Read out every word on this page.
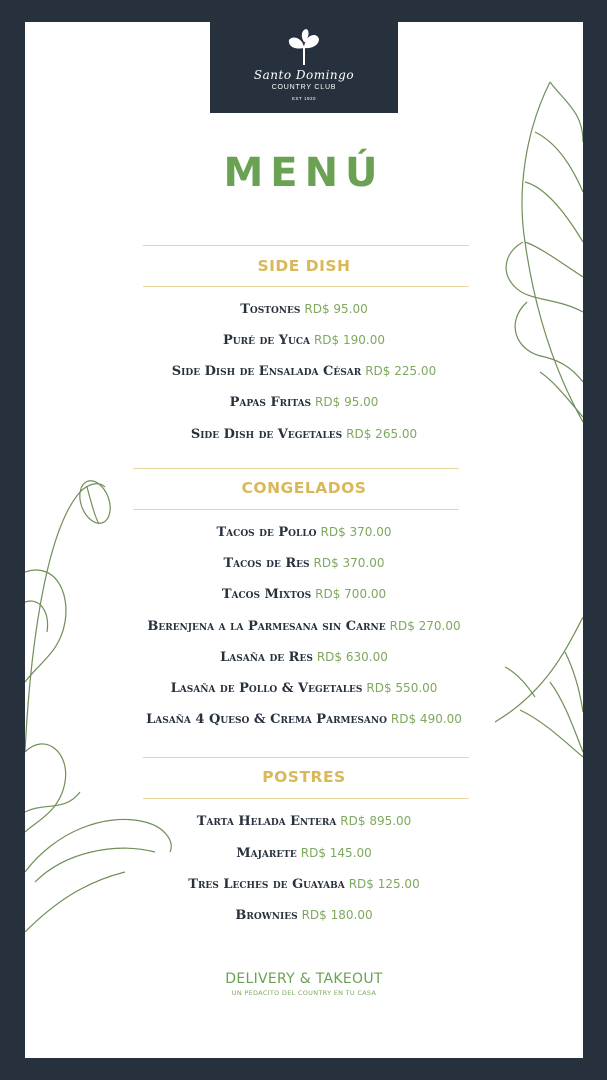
Santo Domingo
COUNTRY CLUB
EST 1920
MENÚ
SIDE DISH
Tostones RD$ 95.00
Puré de Yuca RD$ 190.00
Side Dish de Ensalada César RD$ 225.00
Papas Fritas RD$ 95.00
Side Dish de Vegetales RD$ 265.00
CONGELADOS
Tacos de Pollo RD$ 370.00
Tacos de Res RD$ 370.00
Tacos Mixtos RD$ 700.00
Berenjena a la Parmesana sin Carne RD$ 270.00
Lasaña de Res RD$ 630.00
Lasaña de Pollo & Vegetales RD$ 550.00
Lasaña 4 Queso & Crema Parmesano RD$ 490.00
POSTRES
Tarta Helada Entera RD$ 895.00
Majarete RD$ 145.00
Tres Leches de Guayaba RD$ 125.00
Brownies RD$ 180.00
DELIVERY & TAKEOUT
UN PEDACITO DEL COUNTRY EN TU CASA
